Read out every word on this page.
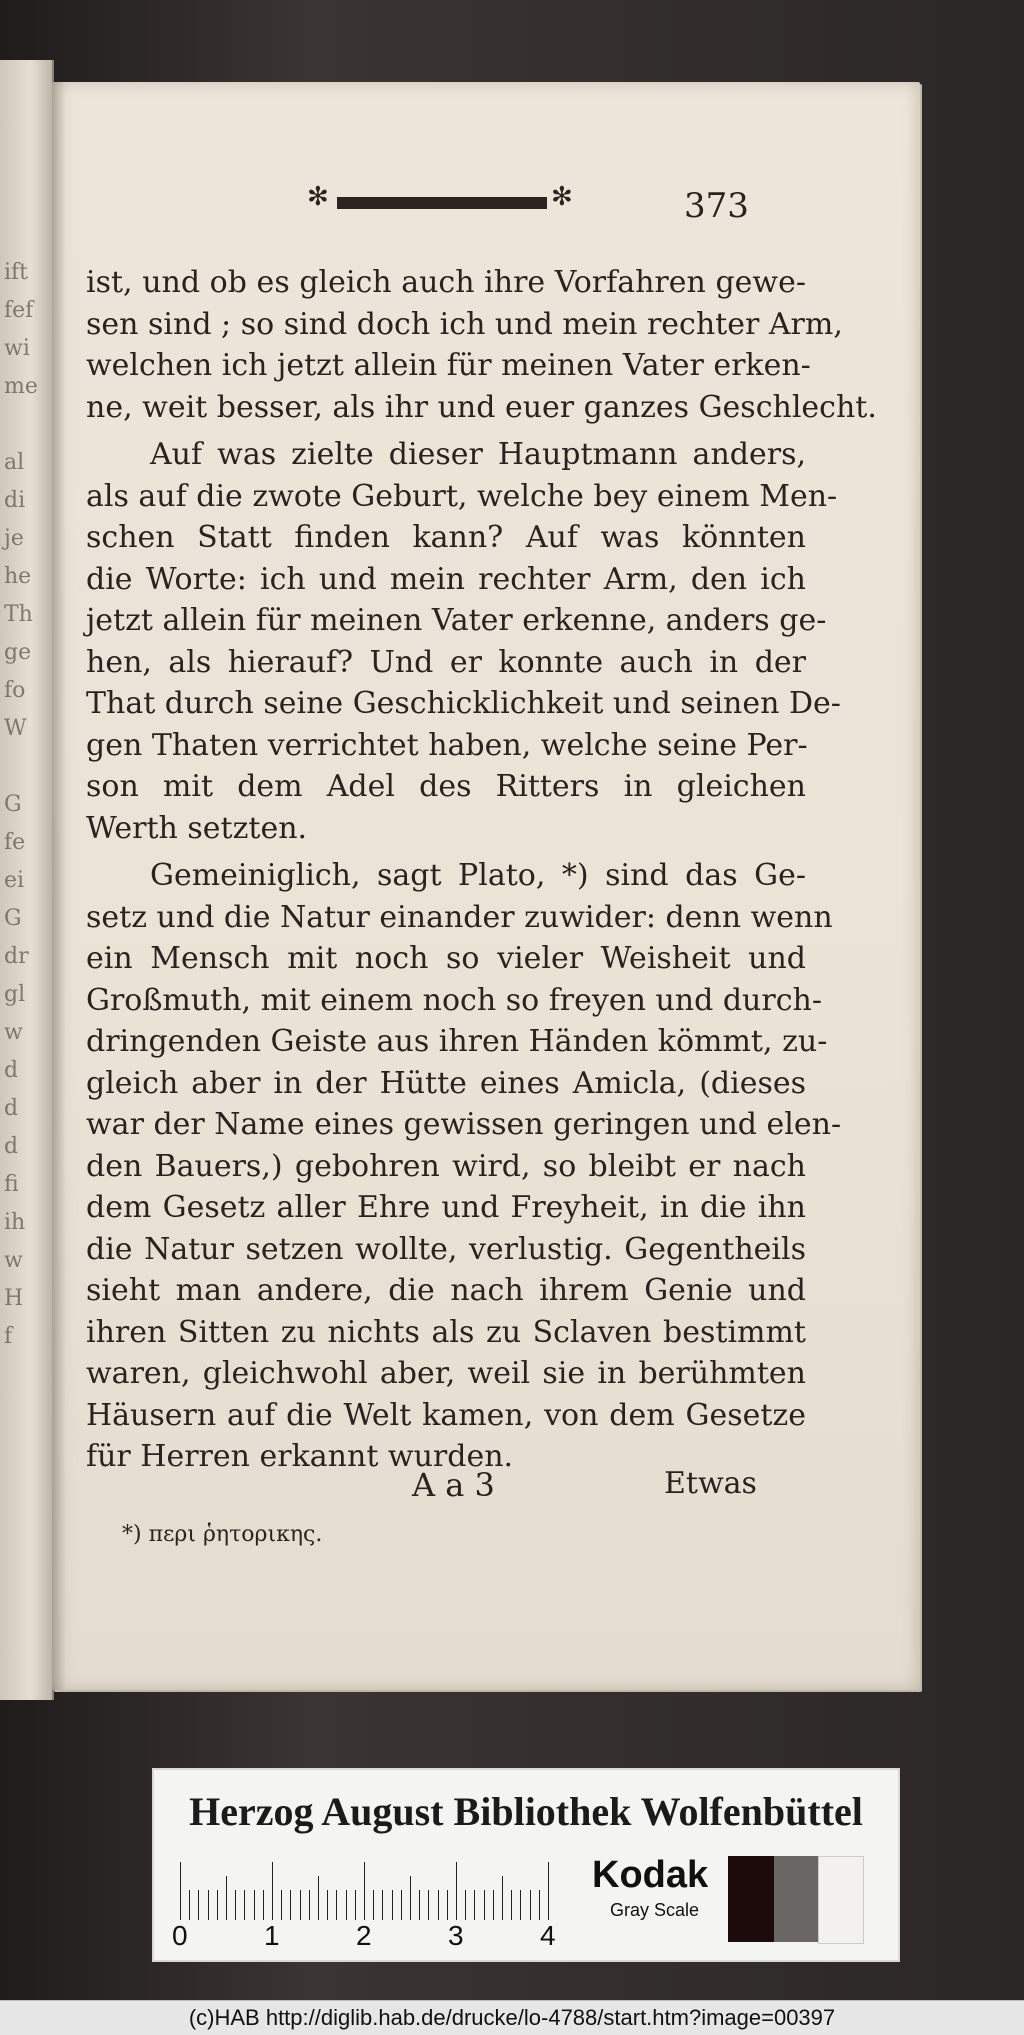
ift
fef
wi
me
al
di
je
he
Th
ge
fo
W
G
fe
ei
G
dr
gl
w
d
d
d
fi
ih
w
H
f
✻	✻	373
ist, und ob es gleich auch ihre Vorfahren gewe-
sen sind ; so sind doch ich und mein rechter Arm,
welchen ich jetzt allein für meinen Vater erken-
ne, weit besser, als ihr und euer ganzes Geschlecht.
Auf was zielte dieser Hauptmann anders,
als auf die zwote Geburt, welche bey einem Men-
schen Statt finden kann? Auf was könnten
die Worte: ich und mein rechter Arm, den ich
jetzt allein für meinen Vater erkenne, anders ge-
hen, als hierauf? Und er konnte auch in der
That durch seine Geschicklichkeit und seinen De-
gen Thaten verrichtet haben, welche seine Per-
son mit dem Adel des Ritters in gleichen
Werth setzten.
Gemeiniglich, sagt Plato, *) sind das Ge-
setz und die Natur einander zuwider: denn wenn
ein Mensch mit noch so vieler Weisheit und
Großmuth, mit einem noch so freyen und durch-
dringenden Geiste aus ihren Händen kömmt, zu-
gleich aber in der Hütte eines Amicla, (dieses
war der Name eines gewissen geringen und elen-
den Bauers,) gebohren wird, so bleibt er nach
dem Gesetz aller Ehre und Freyheit, in die ihn
die Natur setzen wollte, verlustig. Gegentheils
sieht man andere, die nach ihrem Genie und
ihren Sitten zu nichts als zu Sclaven bestimmt
waren, gleichwohl aber, weil sie in berühmten
Häusern auf die Welt kamen, von dem Gesetze
für Herren erkannt wurden.
A a 3	Etwas
*) περι ῥητορικης.
Herzog August Bibliothek Wolfenbüttel
0	1	2	3	4
Kodak
Gray Scale
(c)HAB http://diglib.hab.de/drucke/lo-4788/start.htm?image=00397
